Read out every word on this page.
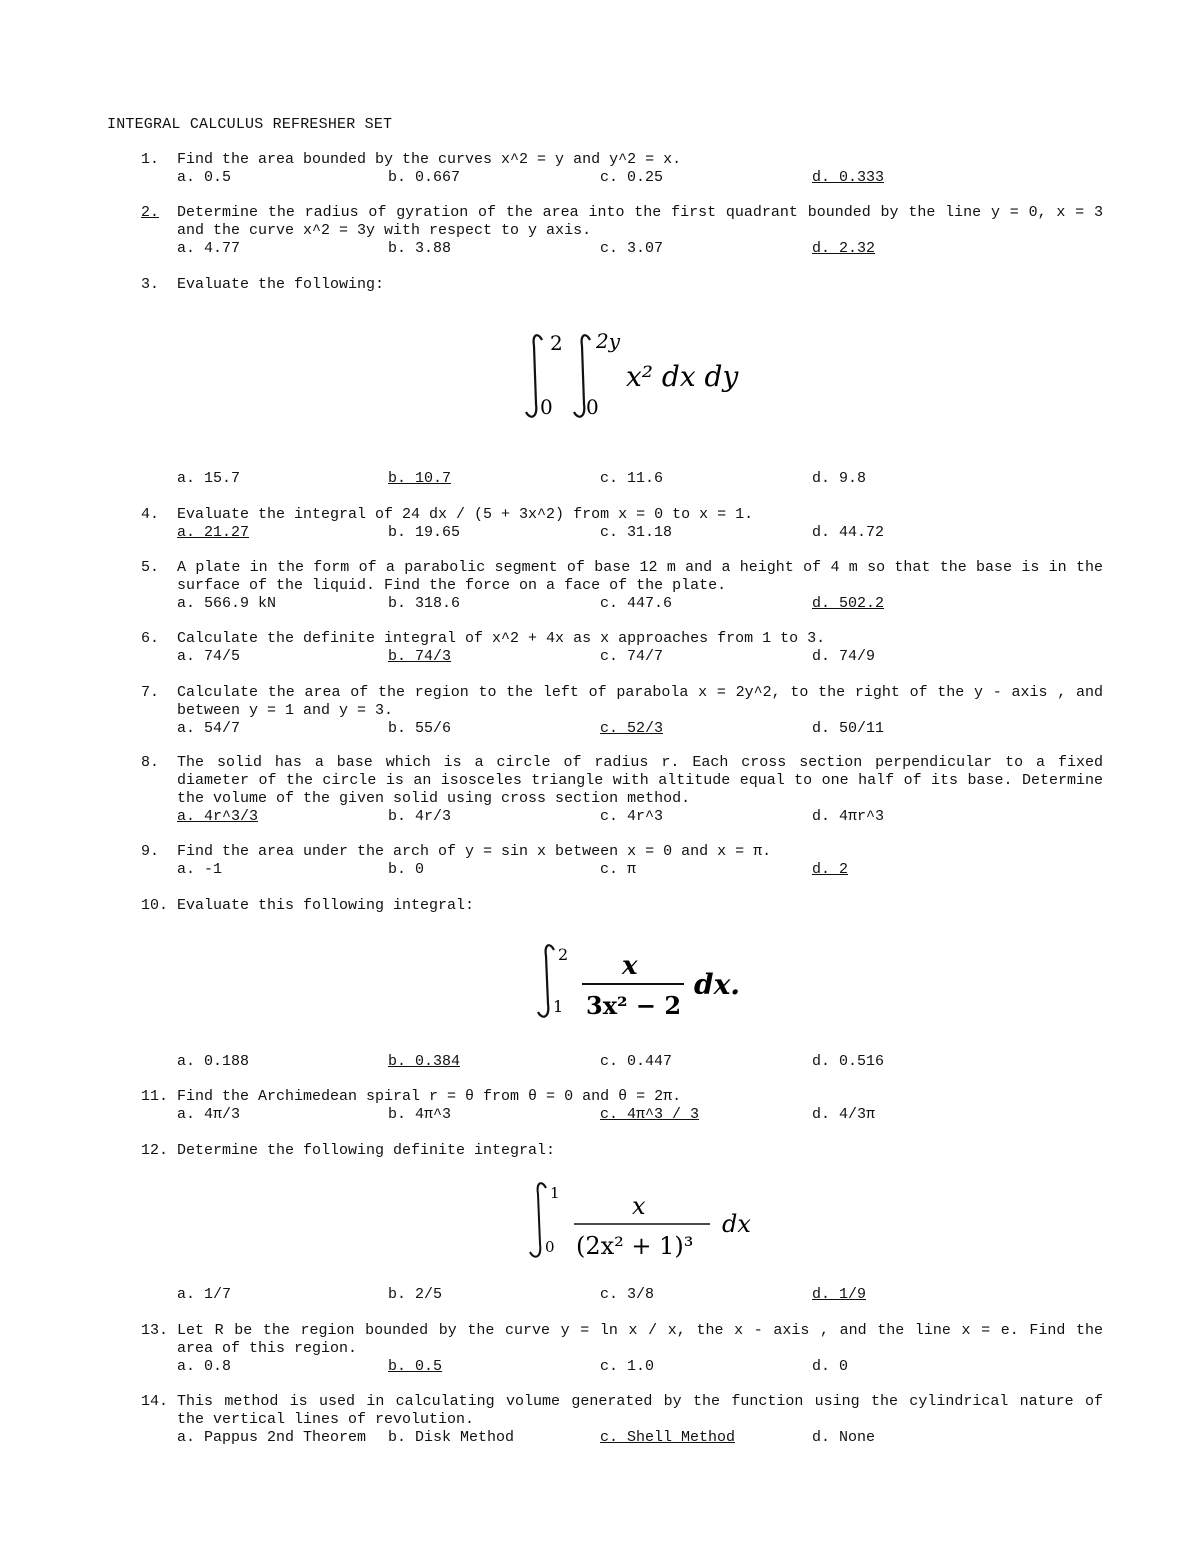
INTEGRAL CALCULUS REFRESHER SET
1. Find the area bounded by the curves x^2 = y and y^2 = x.
a. 0.5	b. 0.667	c. 0.25	d. 0.333
2. Determine the radius of gyration of the area into the first quadrant bounded by the line y = 0, x = 3 and the curve x^2 = 3y with respect to y axis.
a. 4.77	b. 3.88	c. 3.07	d. 2.32
3. Evaluate the following:
2
0
2y
0
x² dx dy
a. 15.7	b. 10.7	c. 11.6	d. 9.8
4. Evaluate the integral of 24 dx / (5 + 3x^2) from x = 0 to x = 1.
a. 21.27	b. 19.65	c. 31.18	d. 44.72
5. A plate in the form of a parabolic segment of base 12 m and a height of 4 m so that the base is in the surface of the liquid. Find the force on a face of the plate.
a. 566.9 kN	b. 318.6	c. 447.6	d. 502.2
6. Calculate the definite integral of x^2 + 4x as x approaches from 1 to 3.
a. 74/5	b. 74/3	c. 74/7	d. 74/9
7. Calculate the area of the region to the left of parabola x = 2y^2, to the right of the y - axis , and between y = 1 and y = 3.
a. 54/7	b. 55/6	c. 52/3	d. 50/11
8. The solid has a base which is a circle of radius r. Each cross section perpendicular to a fixed diameter of the circle is an isosceles triangle with altitude equal to one half of its base. Determine the volume of the given solid using cross section method.
a. 4r^3/3	b. 4r/3	c. 4r^3	d. 4πr^3
9. Find the area under the arch of y = sin x between x = 0 and x = π.
a. -1	b. 0	c. π	d. 2
10. Evaluate this following integral:
2
1
x
3x² − 2
dx.
a. 0.188	b. 0.384	c. 0.447	d. 0.516
11. Find the Archimedean spiral r = θ from θ = 0 and θ = 2π.
a. 4π/3	b. 4π^3	c. 4π^3 / 3	d. 4/3π
12. Determine the following definite integral:
1
0
x
(2x² + 1)³
dx
a. 1/7	b. 2/5	c. 3/8	d. 1/9
13. Let R be the region bounded by the curve y = ln x / x, the x - axis , and the line x = e. Find the area of this region.
a. 0.8	b. 0.5	c. 1.0	d. 0
14. This method is used in calculating volume generated by the function using the cylindrical nature of the vertical lines of revolution.
a. Pappus 2nd Theorem b. Disk Method	c. Shell Method	d. None
